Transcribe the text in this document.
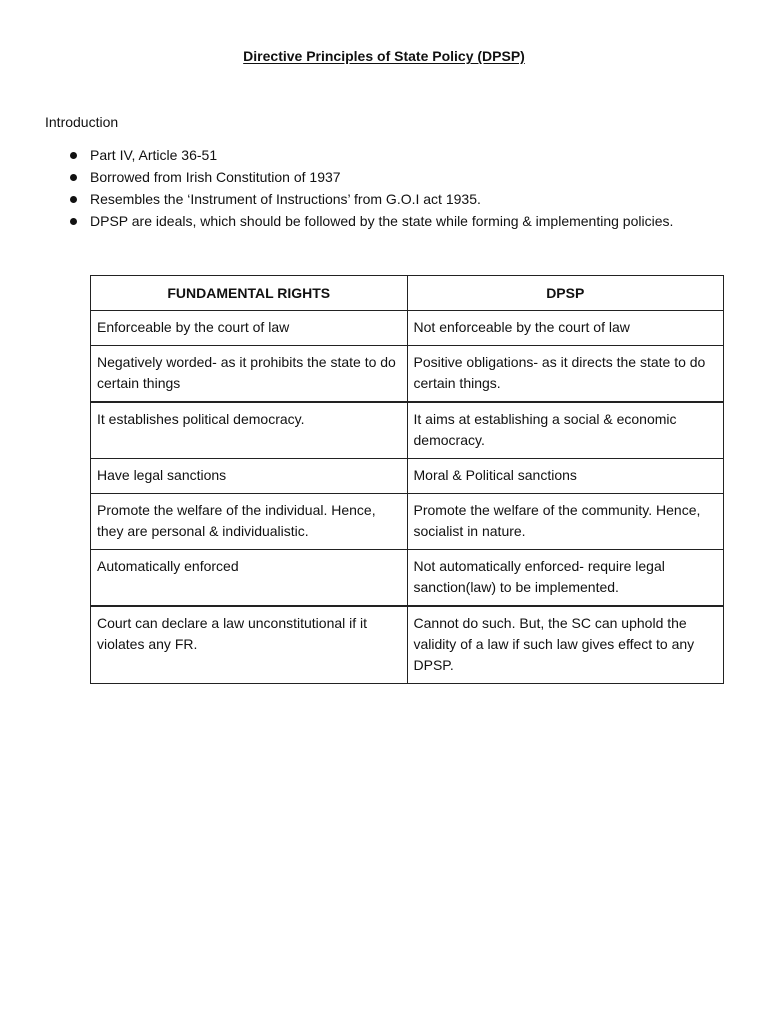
Directive Principles of State Policy (DPSP)
Introduction
Part IV, Article 36-51
Borrowed from Irish Constitution of 1937
Resembles the ‘Instrument of Instructions’ from G.O.I act 1935.
DPSP are ideals, which should be followed by the state while forming & implementing policies.
FUNDAMENTAL RIGHTS	DPSP
Enforceable by the court of law	Not enforceable by the court of law
Negatively worded- as it prohibits the state to do certain things	Positive obligations- as it directs the state to do certain things.
It establishes political democracy.	It aims at establishing a social & economic democracy.
Have legal sanctions	Moral & Political sanctions
Promote the welfare of the individual. Hence, they are personal & individualistic.	Promote the welfare of the community. Hence, socialist in nature.
Automatically enforced	Not automatically enforced- require legal sanction(law) to be implemented.
Court can declare a law unconstitutional if it violates any FR.	Cannot do such. But, the SC can uphold the validity of a law if such law gives effect to any DPSP.
